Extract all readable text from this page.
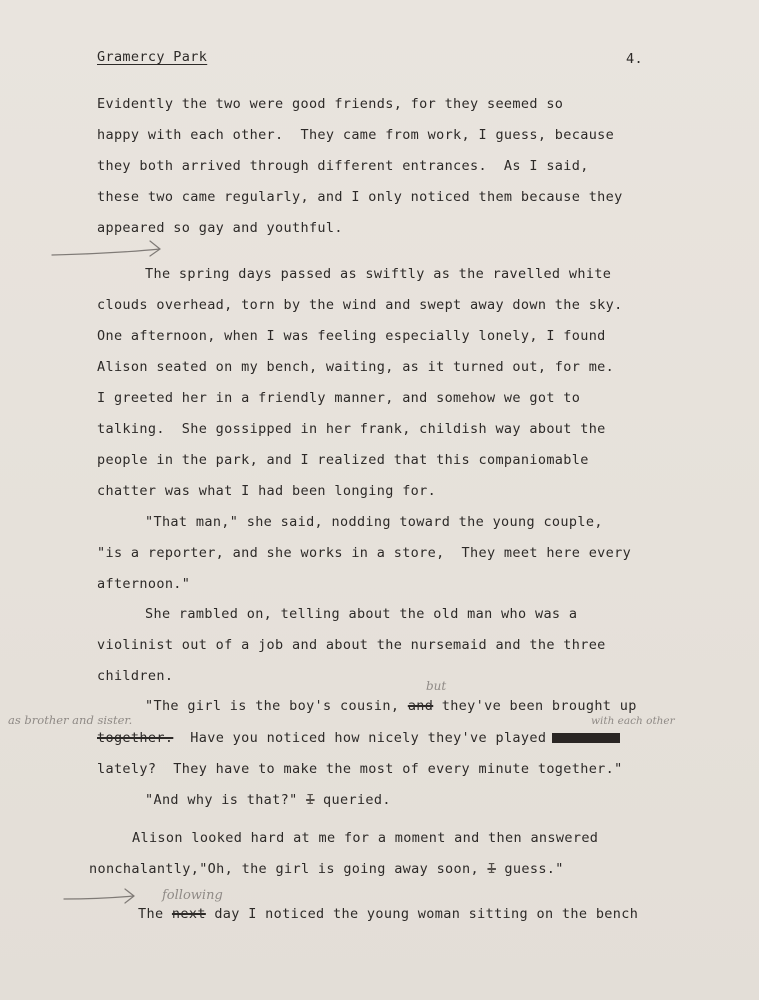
Gramercy Park	4.
Evidently the two were good friends, for they seemed so
happy with each other.  They came from work, I guess, because
they both arrived through different entrances.  As I said,
these two came regularly, and I only noticed them because they
appeared so gay and youthful.
The spring days passed as swiftly as the ravelled white
clouds overhead, torn by the wind and swept away down the sky.
One afternoon, when I was feeling especially lonely, I found
Alison seated on my bench, waiting, as it turned out, for me.
I greeted her in a friendly manner, and somehow we got to
talking.  She gossipped in her frank, childish way about the
people in the park, and I realized that this companiomable
chatter was what I had been longing for.
"That man," she said, nodding toward the young couple,
"is a reporter, and she works in a store,  They meet here every
afternoon."
She rambled on, telling about the old man who was a
violinist out of a job and about the nursemaid and the three
children.
but
"The girl is the boy's cousin, and they've been brought up
as brother and sister.	with each other
together.  Have you noticed how nicely they've played
lately?  They have to make the most of every minute together."
"And why is that?" I queried.
Alison looked hard at me for a moment and then answered
nonchalantly,"Oh, the girl is going away soon, I guess."
following
The next day I noticed the young woman sitting on the bench
